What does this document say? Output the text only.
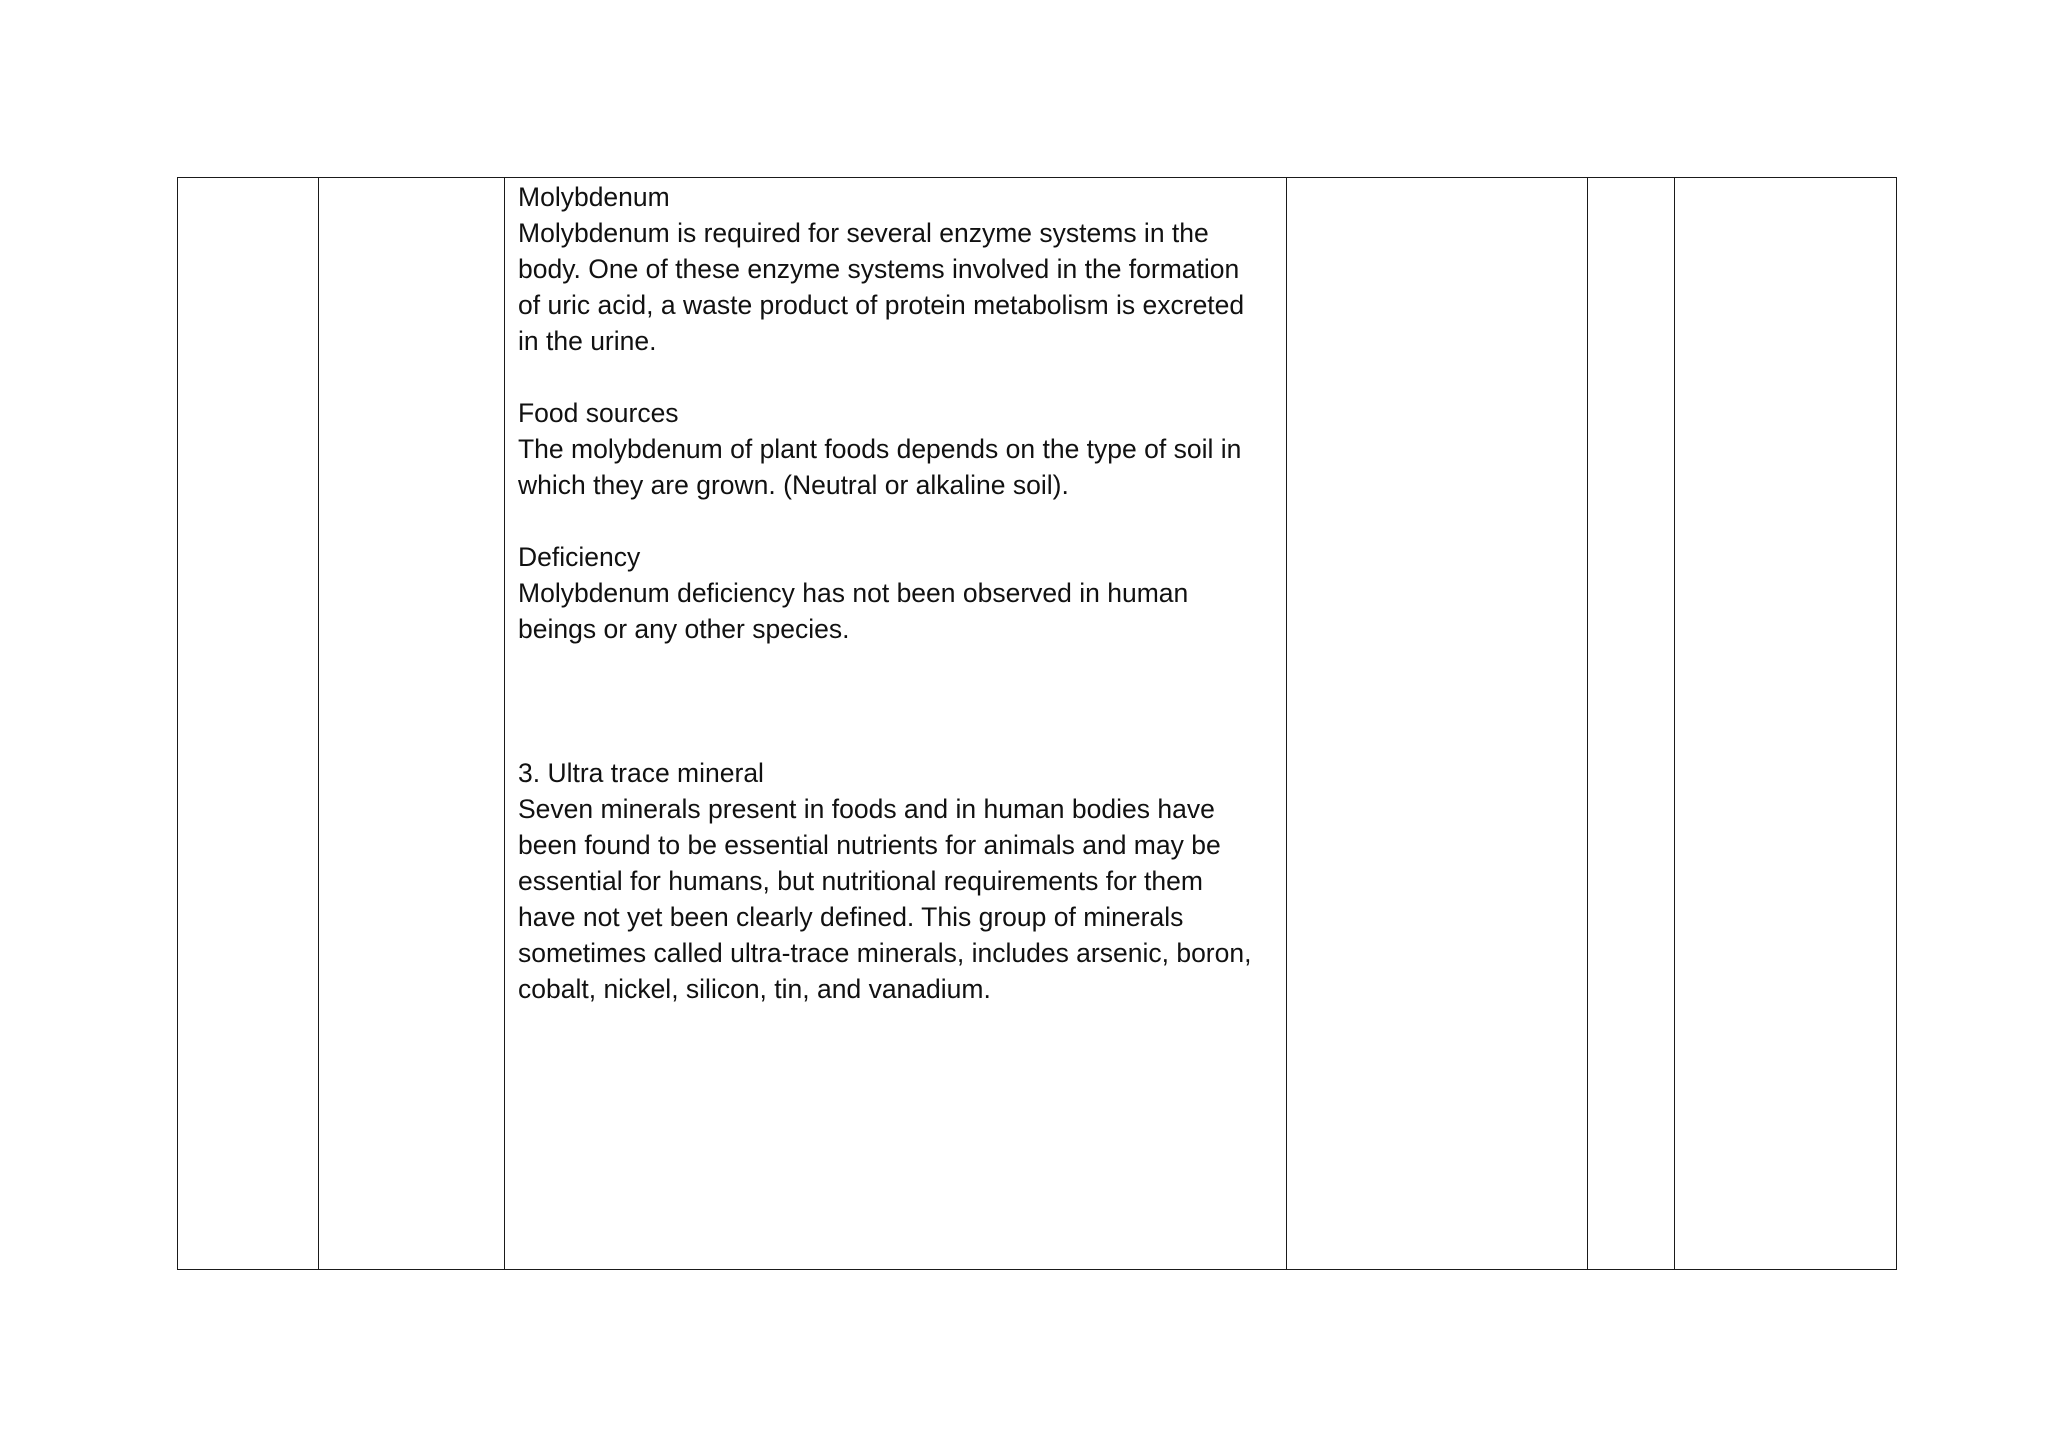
Molybdenum

Molybdenum is required for several enzyme systems in the
body. One of these enzyme systems involved in the formation
of uric acid, a waste product of protein metabolism is excreted
in the urine.

Food sources

The molybdenum of plant foods depends on the type of soil in
which they are grown. (Neutral or alkaline soil).

Deficiency

Molybdenum deficiency has not been observed in human
beings or any other species.

3. Ultra trace mineral

Seven minerals present in foods and in human bodies have
been found to be essential nutrients for animals and may be
essential for humans, but nutritional requirements for them
have not yet been clearly defined. This group of minerals
sometimes called ultra-trace minerals, includes arsenic, boron,
cobalt, nickel, silicon, tin, and vanadium.
